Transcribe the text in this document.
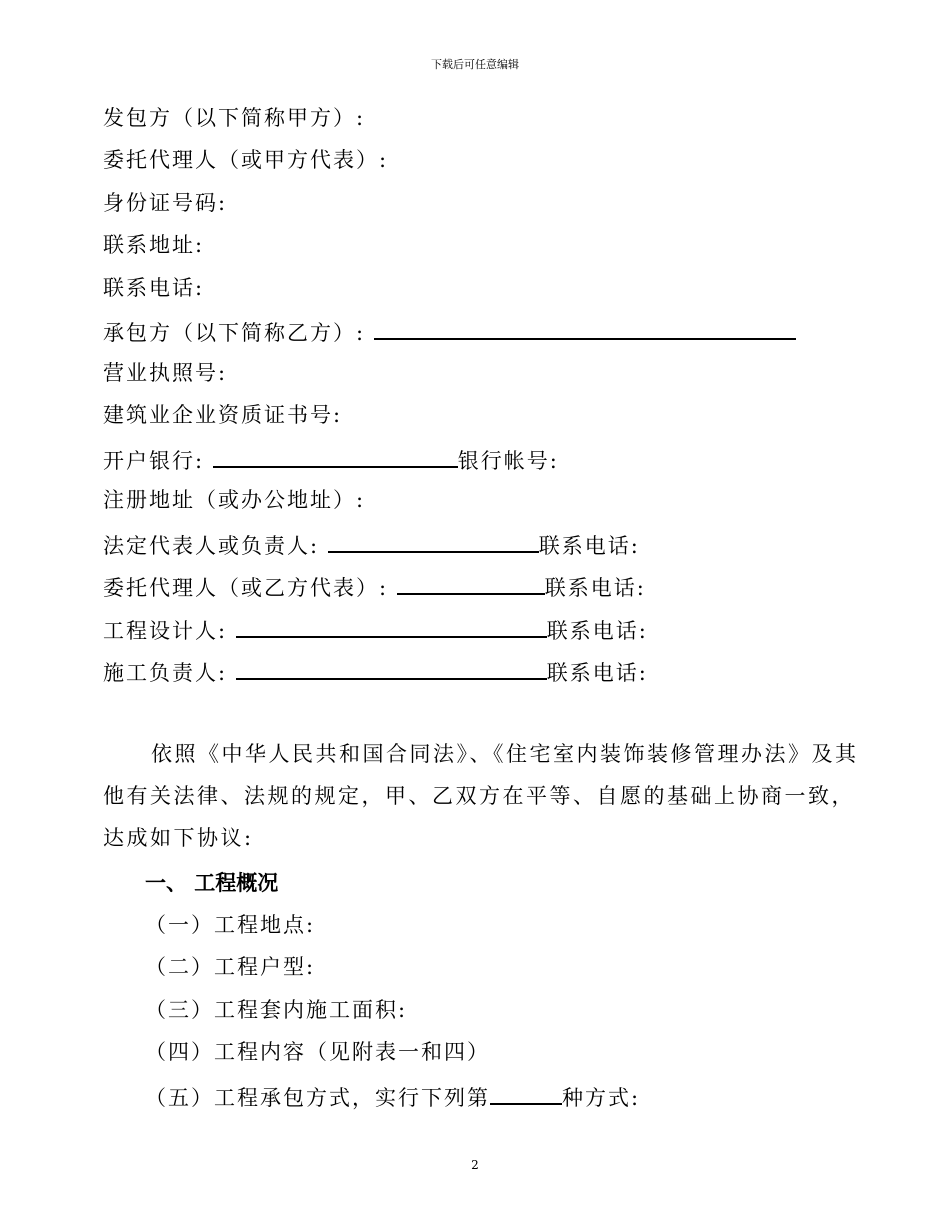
下载后可任意编辑
发包方（以下简称甲方）:
委托代理人（或甲方代表）:
身份证号码:
联系地址:
联系电话:
承包方（以下简称乙方）:
营业执照号:
建筑业企业资质证书号:
开户银行:	银行帐号:
注册地址（或办公地址）:
法定代表人或负责人:	联系电话:
委托代理人（或乙方代表）:	联系电话:
工程设计人:	联系电话:
施工负责人:	联系电话:

依照《中华人民共和国合同法》、《住宅室内装饰装修管理办法》及其他有关法律、法规的规定，甲、乙双方在平等、自愿的基础上协商一致，达成如下协议:

一、 工程概况
（一）工程地点:
（二）工程户型:
（三）工程套内施工面积:
（四）工程内容（见附表一和四）
（五）工程承包方式，实行下列第	种方式:
2
